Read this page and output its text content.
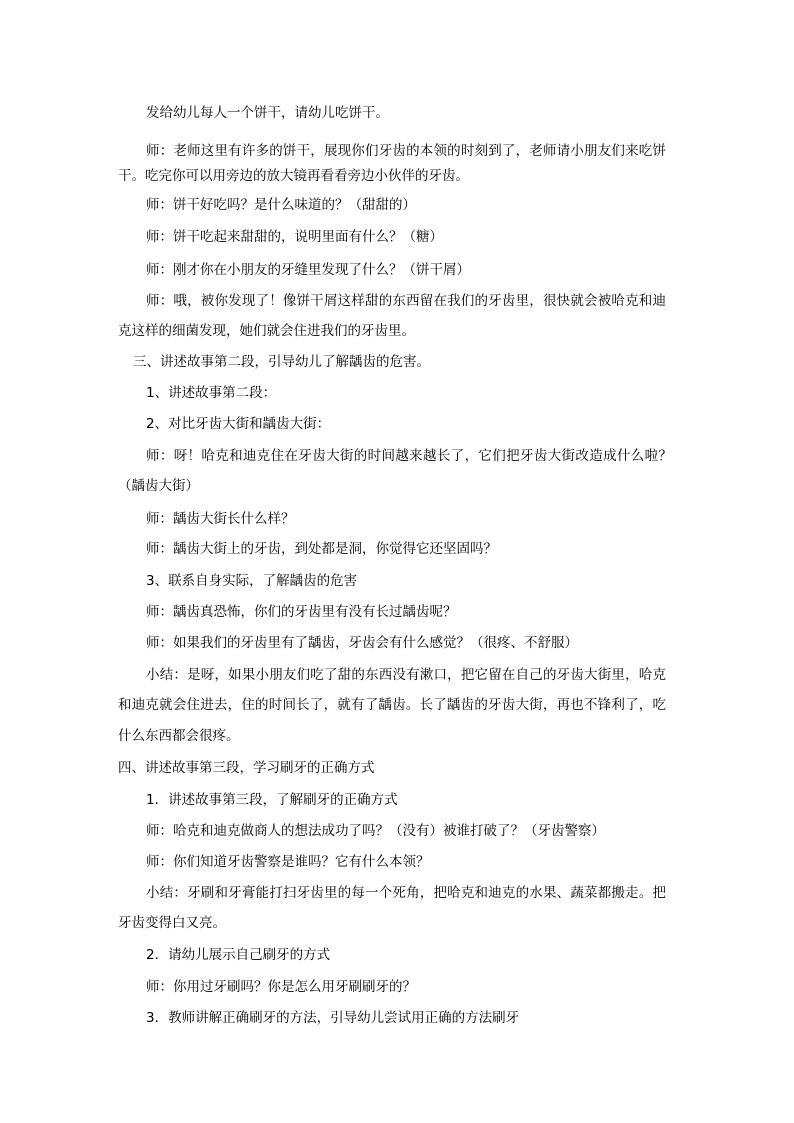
发给幼儿每人一个饼干，请幼儿吃饼干。
师：老师这里有许多的饼干，展现你们牙齿的本领的时刻到了，老师请小朋友们来吃饼
干。吃完你可以用旁边的放大镜再看看旁边小伙伴的牙齿。
师：饼干好吃吗？是什么味道的？（甜甜的）
师：饼干吃起来甜甜的，说明里面有什么？（糖）
师：刚才你在小朋友的牙缝里发现了什么？（饼干屑）
师：哦，被你发现了！像饼干屑这样甜的东西留在我们的牙齿里，很快就会被哈克和迪
克这样的细菌发现，她们就会住进我们的牙齿里。
三、讲述故事第二段，引导幼儿了解龋齿的危害。
1、讲述故事第二段：
2、对比牙齿大街和龋齿大街：
师：呀！哈克和迪克住在牙齿大街的时间越来越长了，它们把牙齿大街改造成什么啦？
（龋齿大街）
师：龋齿大街长什么样？
师：龋齿大街上的牙齿，到处都是洞，你觉得它还坚固吗？
3、联系自身实际，了解龋齿的危害
师：龋齿真恐怖，你们的牙齿里有没有长过龋齿呢？
师：如果我们的牙齿里有了龋齿，牙齿会有什么感觉？（很疼、不舒服）
小结：是呀，如果小朋友们吃了甜的东西没有漱口，把它留在自己的牙齿大街里，哈克
和迪克就会住进去，住的时间长了，就有了龋齿。长了龋齿的牙齿大街，再也不锋利了，吃
什么东西都会很疼。
四、讲述故事第三段，学习刷牙的正确方式
1．讲述故事第三段，了解刷牙的正确方式
师：哈克和迪克做商人的想法成功了吗？（没有）被谁打破了？（牙齿警察）
师：你们知道牙齿警察是谁吗？它有什么本领？
小结：牙刷和牙膏能打扫牙齿里的每一个死角，把哈克和迪克的水果、蔬菜都搬走。把
牙齿变得白又亮。
2．请幼儿展示自己刷牙的方式
师：你用过牙刷吗？你是怎么用牙刷刷牙的？
3．教师讲解正确刷牙的方法，引导幼儿尝试用正确的方法刷牙
